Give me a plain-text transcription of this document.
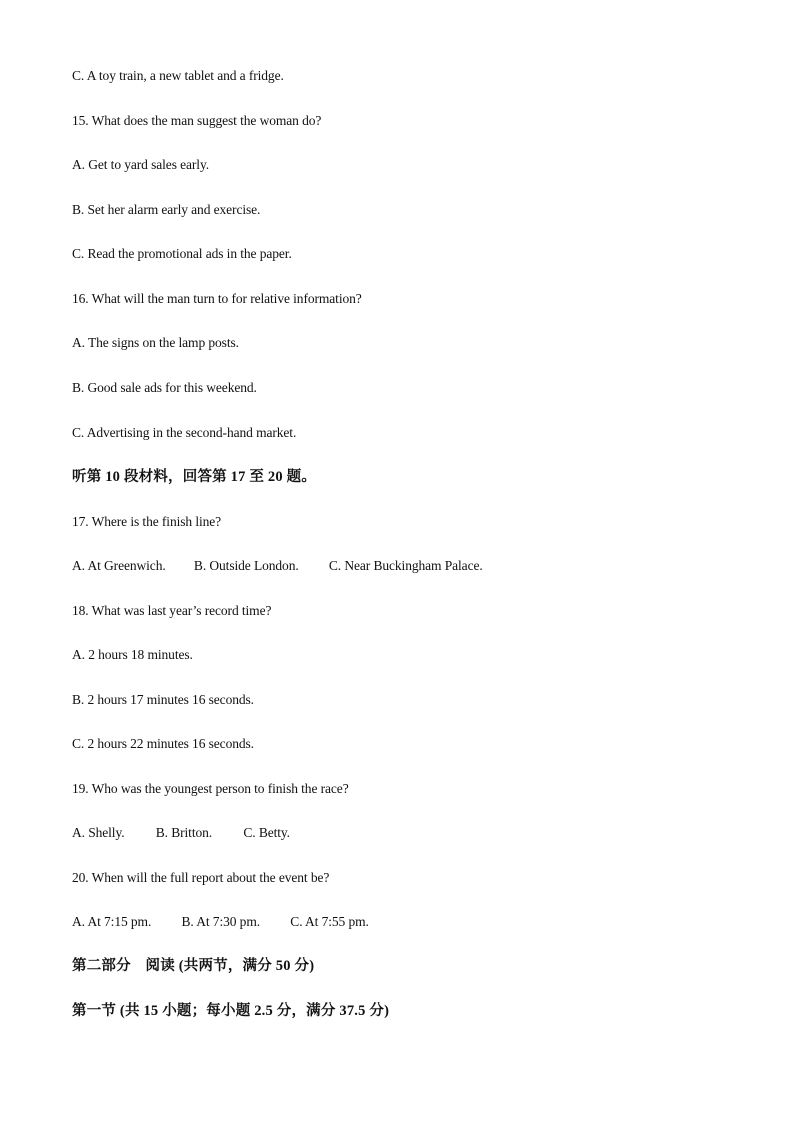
C. A toy train, a new tablet and a fridge.
15. What does the man suggest the woman do?
A. Get to yard sales early.
B. Set her alarm early and exercise.
C. Read the promotional ads in the paper.
16. What will the man turn to for relative information?
A. The signs on the lamp posts.
B. Good sale ads for this weekend.
C. Advertising in the second-hand market.
听第 10 段材料，回答第 17 至 20 题。
17. Where is the finish line?
A. At Greenwich. B. Outside London. C. Near Buckingham Palace.
18. What was last year’s record time?
A. 2 hours 18 minutes.
B. 2 hours 17 minutes 16 seconds.
C. 2 hours 22 minutes 16 seconds.
19. Who was the youngest person to finish the race?
A. Shelly. B. Britton. C. Betty.
20. When will the full report about the event be?
A. At 7:15 pm. B. At 7:30 pm. C. At 7:55 pm.
第二部分　阅读 (共两节，满分 50 分)
第一节 (共 15 小题；每小题 2.5 分，满分 37.5 分)
